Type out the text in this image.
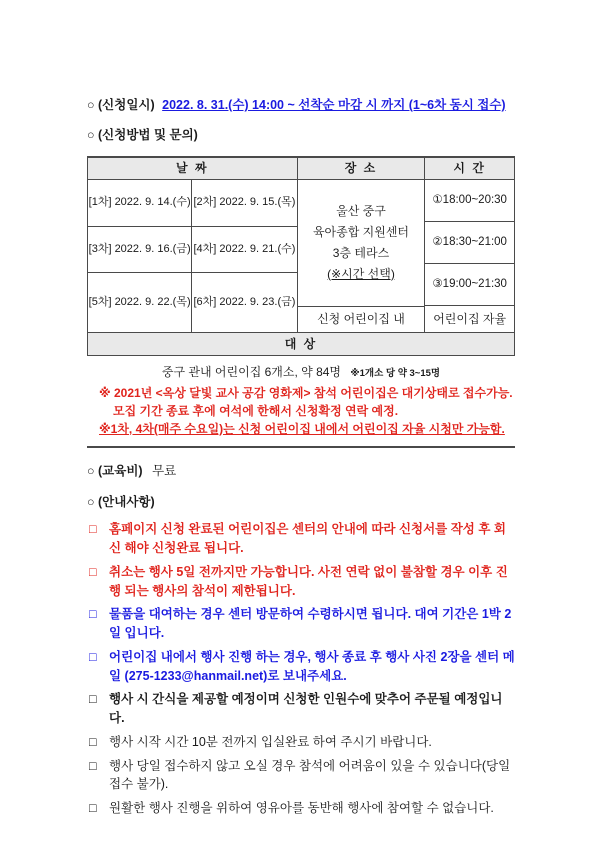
○ (신청일시) 2022. 8. 31.(수) 14:00 ~ 선착순 마감 시 까지 (1~6차 동시 접수)
○ (신청방법 및 문의)
날 짜	장 소	시 간
[1차] 2022. 9. 14.(수) [2차] 2022. 9. 15.(목)
[3차] 2022. 9. 16.(금) [4차] 2022. 9. 21.(수)
[5차] 2022. 9. 22.(목) [6차] 2022. 9. 23.(금)
울산 중구
육아종합 지원센터
3층 테라스
(※시간 선택)
신청 어린이집 내
①18:00~20:30
②18:30~21:00
③19:00~21:30
어린이집 자율
대 상
중구 관내 어린이집 6개소, 약 84명 ※1개소 당 약 3~15명
※ 2021년 <옥상 달빛 교사 공감 영화제> 참석 어린이집은 대기상태로 접수가능.
모집 기간 종료 후에 여석에 한해서 신청확정 연락 예정.
※1차, 4차(매주 수요일)는 신청 어린이집 내에서 어린이집 자율 시청만 가능함.
○ (교육비) 무료
○ (안내사항)
□ 홈페이지 신청 완료된 어린이집은 센터의 안내에 따라 신청서를 작성 후 회신 해야 신청완료 됩니다.
□ 취소는 행사 5일 전까지만 가능합니다. 사전 연락 없이 불참할 경우 이후 진행 되는 행사의 참석이 제한됩니다.
□ 물품을 대여하는 경우 센터 방문하여 수령하시면 됩니다. 대여 기간은 1박 2일 입니다.
□ 어린이집 내에서 행사 진행 하는 경우, 행사 종료 후 행사 사진 2장을 센터 메일 (275-1233@hanmail.net)로 보내주세요.
□ 행사 시 간식을 제공할 예정이며 신청한 인원수에 맞추어 주문될 예정입니다.
□ 행사 시작 시간 10분 전까지 입실완료 하여 주시기 바랍니다.
□ 행사 당일 접수하지 않고 오실 경우 참석에 어려움이 있을 수 있습니다(당일 접수 불가).
□ 원활한 행사 진행을 위하여 영유아를 동반해 행사에 참여할 수 없습니다.
